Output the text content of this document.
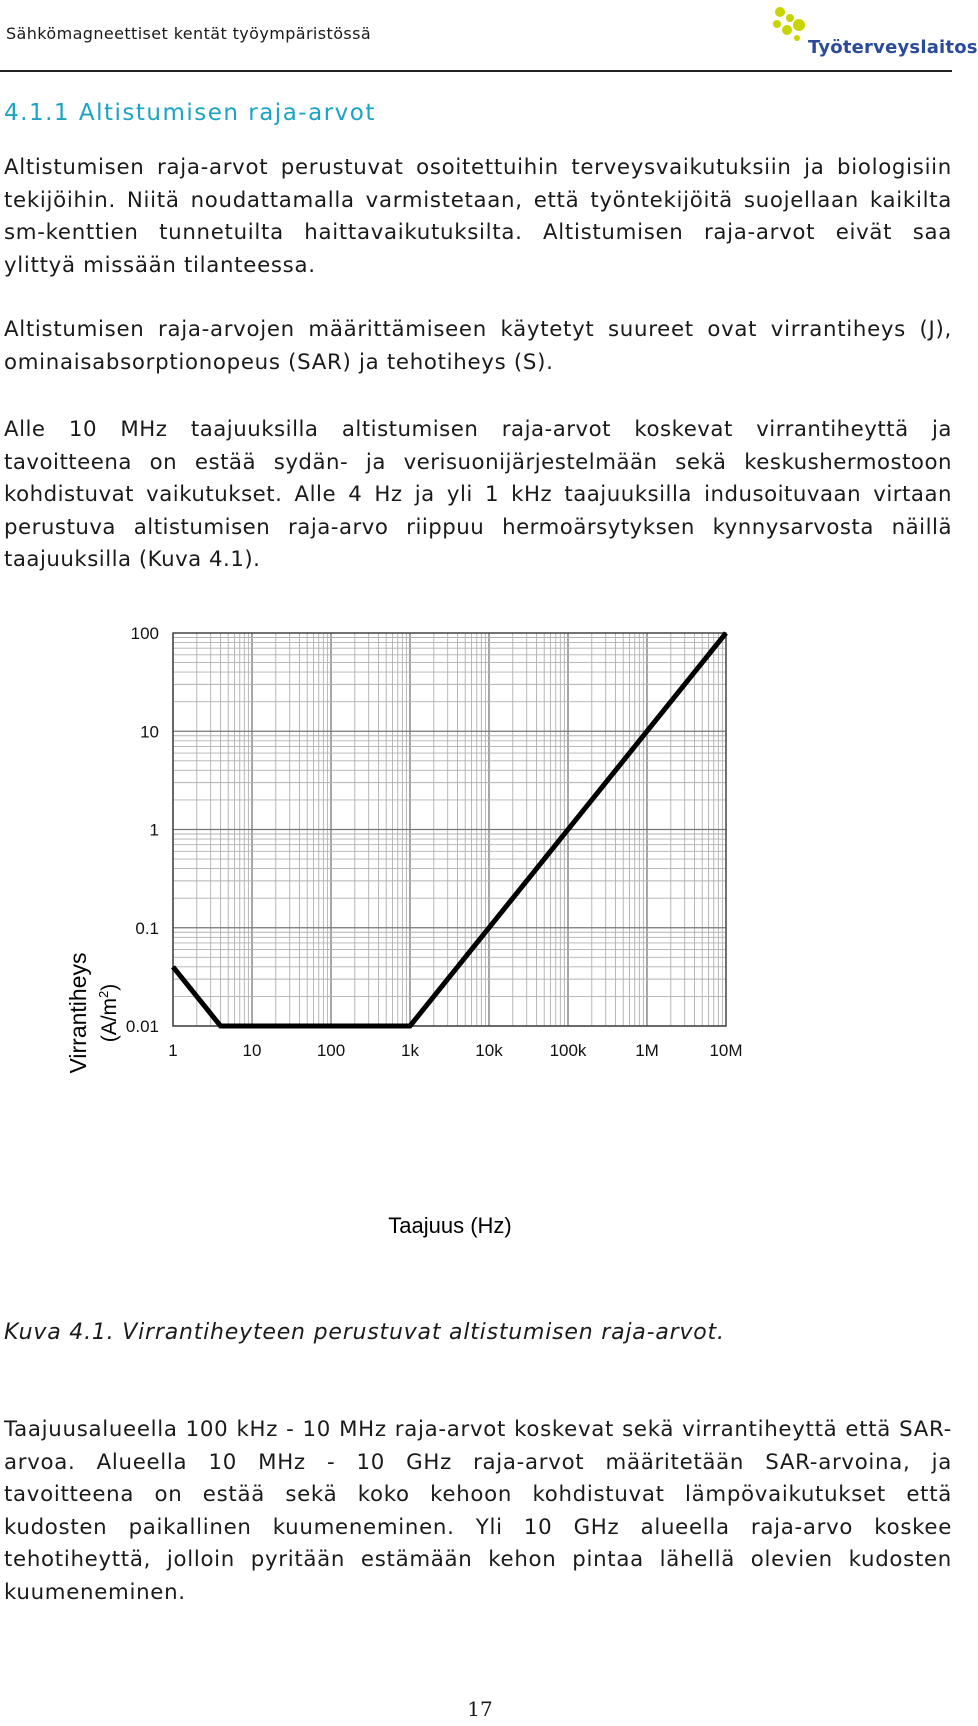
Sähkömagneettiset kentät työympäristössä
Työterveyslaitos
4.1.1 Altistumisen raja-arvot

Altistumisen raja-arvot perustuvat osoitettuihin terveysvaikutuksiin ja biologisiin tekijöihin. Niitä noudattamalla varmistetaan, että työntekijöitä suojellaan kaikilta sm-kenttien tunnetuilta haittavaikutuksilta. Altistumisen raja-arvot eivät saa ylittyä missään tilanteessa.

Altistumisen raja-arvojen määrittämiseen käytetyt suureet ovat virrantiheys (J), ominaisabsorptionopeus (SAR) ja tehotiheys (S).

Alle 10 MHz taajuuksilla altistumisen raja-arvot koskevat virrantiheyttä ja tavoitteena on estää sydän- ja verisuonijärjestelmään sekä keskushermostoon kohdistuvat vaikutukset. Alle 4 Hz ja yli 1 kHz taajuuksilla indusoituvaan virtaan perustuva altistumisen raja-arvo riippuu hermoärsytyksen kynnysarvosta näillä taajuuksilla (Kuva 4.1).

1	10	100	1k	10k	100k	1M	10M
0.01
0.1
1
10
100
Taajuus (Hz)
Virrantiheys $(A/m^2)$
Kuva 4.1. Virrantiheyteen perustuvat altistumisen raja-arvot.

Taajuusalueella 100 kHz - 10 MHz raja-arvot koskevat sekä virrantiheyttä että SAR-arvoa. Alueella 10 MHz - 10 GHz raja-arvot määritetään SAR-arvoina, ja tavoitteena on estää sekä koko kehoon kohdistuvat lämpövaikutukset että kudosten paikallinen kuumeneminen. Yli 10 GHz alueella raja-arvo koskee tehotiheyttä, jolloin pyritään estämään kehon pintaa lähellä olevien kudosten kuumeneminen.

17
